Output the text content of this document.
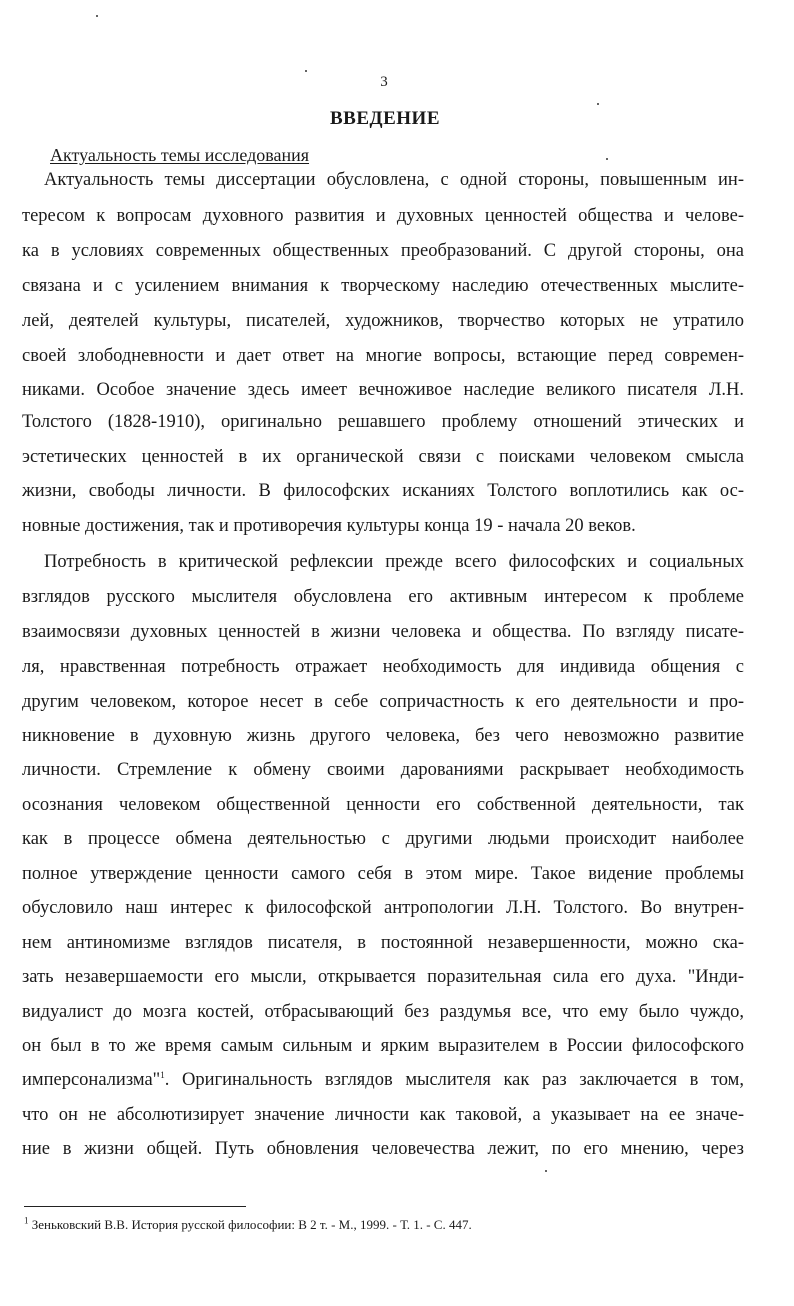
3
ВВЕДЕНИЕ
Актуальность темы исследования
Актуальность темы диссертации обусловлена, с одной стороны, повышенным ин-
тересом к вопросам духовного развития и духовных ценностей общества и челове-
ка в условиях современных общественных преобразований. С другой стороны, она
связана и с усилением внимания к творческому наследию отечественных мыслите-
лей, деятелей культуры, писателей, художников, творчество которых не утратило
своей злободневности и дает ответ на многие вопросы, встающие перед современ-
никами. Особое значение здесь имеет вечноживое наследие великого писателя Л.Н.
Толстого (1828-1910), оригинально решавшего проблему отношений этических и
эстетических ценностей в их органической связи с поисками человеком смысла
жизни, свободы личности. В философских исканиях Толстого воплотились как ос-
новные достижения, так и противоречия культуры конца 19 - начала 20 веков.
Потребность в критической рефлексии прежде всего философских и социальных
взглядов русского мыслителя обусловлена его активным интересом к проблеме
взаимосвязи духовных ценностей в жизни человека и общества. По взгляду писате-
ля, нравственная потребность отражает необходимость для индивида общения с
другим человеком, которое несет в себе сопричастность к его деятельности и про-
никновение в духовную жизнь другого человека, без чего невозможно развитие
личности. Стремление к обмену своими дарованиями раскрывает необходимость
осознания человеком общественной ценности его собственной деятельности, так
как в процессе обмена деятельностью с другими людьми происходит наиболее
полное утверждение ценности самого себя в этом мире. Такое видение проблемы
обусловило наш интерес к философской антропологии Л.Н. Толстого. Во внутрен-
нем антиномизме взглядов писателя, в постоянной незавершенности, можно ска-
зать незавершаемости его мысли, открывается поразительная сила его духа. "Инди-
видуалист до мозга костей, отбрасывающий без раздумья все, что ему было чуждо,
он был в то же время самым сильным и ярким выразителем в России философского
имперсонализма"$^1$. Оригинальность взглядов мыслителя как раз заключается в том,
что он не абсолютизирует значение личности как таковой, а указывает на ее значе-
ние в жизни общей. Путь обновления человечества лежит, по его мнению, через
$^1$ Зеньковский В.В. История русской философии: В 2 т. - М., 1999. - Т. 1. - С. 447.
